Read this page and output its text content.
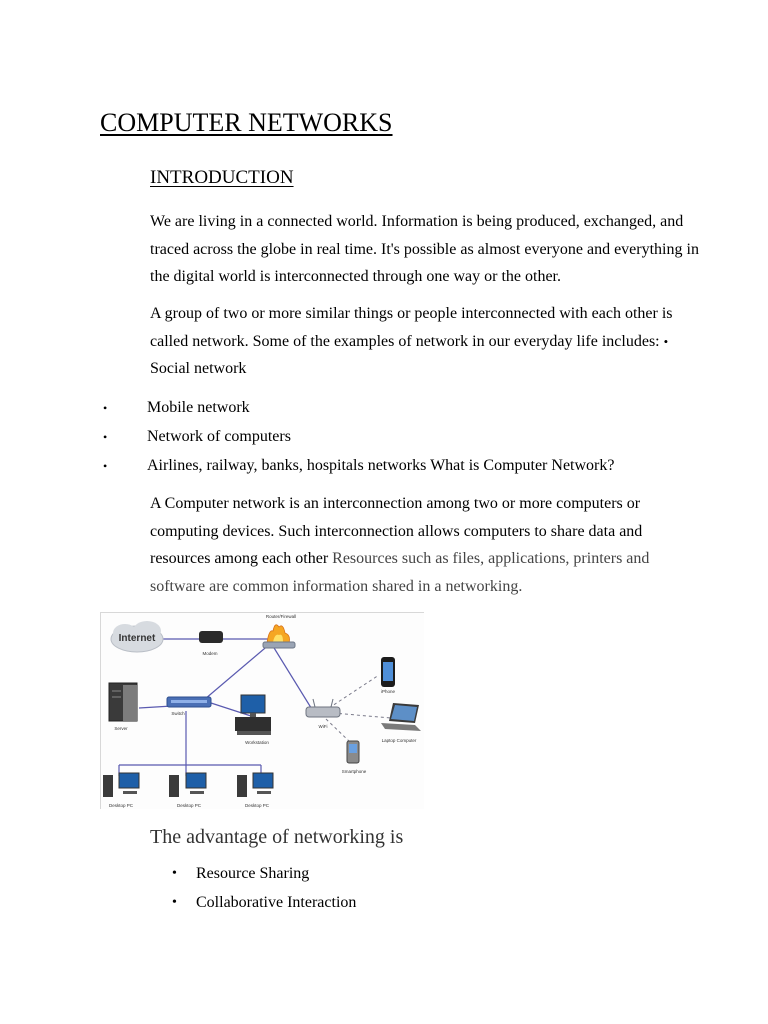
COMPUTER NETWORKS
INTRODUCTION

We are living in a connected world. Information is being produced, exchanged, and traced across the globe in real time. It's possible as almost everyone and everything in the digital world is interconnected through one way or the other.

A group of two or more similar things or people interconnected with each other is called network. Some of the examples of network in our everyday life includes: •
Social network

• Mobile network
• Network of computers
• Airlines, railway, banks, hospitals networks What is Computer Network?

A Computer network is an interconnection among two or more computers or computing devices. Such interconnection allows computers to share data and resources among each other Resources such as files, applications, printers and software are common information shared in a networking.

Internet
Modem
Router/Firewall
Switch
Server
Workstation
WiFi
iPhone
Laptop Computer
Smartphone
Desktop PC	Desktop PC	Desktop PC
The advantage of networking is
• Resource Sharing
• Collaborative Interaction
